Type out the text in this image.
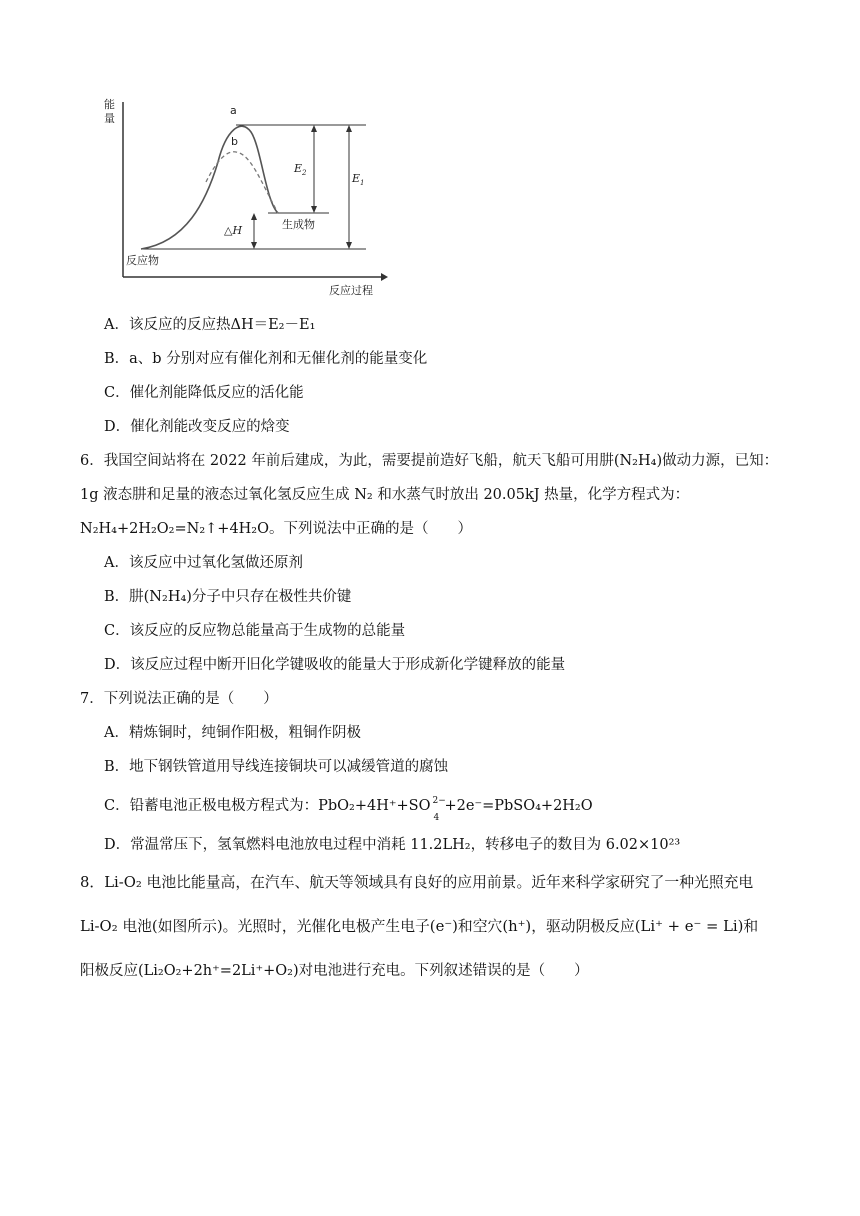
能
量
反应过程
反应物
生成物
a
b
$E_2$	$E_1$
△H
A．该反应的反应热ΔH＝E₂－E₁
B．a、b 分别对应有催化剂和无催化剂的能量变化
C．催化剂能降低反应的活化能
D．催化剂能改变反应的焓变
6．我国空间站将在 2022 年前后建成，为此，需要提前造好飞船，航天飞船可用肼(N₂H₄)做动力源，已知：
1g 液态肼和足量的液态过氧化氢反应生成 N₂ 和水蒸气时放出 20.05kJ 热量，化学方程式为：
N₂H₄+2H₂O₂=N₂↑+4H₂O。下列说法中正确的是（　　）
A．该反应中过氧化氢做还原剂
B．肼(N₂H₄)分子中只存在极性共价键
C．该反应的反应物总能量高于生成物的总能量
D．该反应过程中断开旧化学键吸收的能量大于形成新化学键释放的能量
7．下列说法正确的是（　　）
A．精炼铜时，纯铜作阳极，粗铜作阴极
B．地下钢铁管道用导线连接铜块可以减缓管道的腐蚀
C．铅蓄电池正极电极方程式为：PbO₂+4H⁺+SO 2−
4
+2e⁻=PbSO₄+2H₂O
D．常温常压下，氢氧燃料电池放电过程中消耗 11.2LH₂，转移电子的数目为 6.02×10²³
8．Li-O₂ 电池比能量高，在汽车、航天等领域具有良好的应用前景。近年来科学家研究了一种光照充电
Li-O₂ 电池(如图所示)。光照时，光催化电极产生电子(e⁻)和空穴(h⁺)，驱动阴极反应(Li⁺ + e⁻ = Li)和
阳极反应(Li₂O₂+2h⁺=2Li⁺+O₂)对电池进行充电。下列叙述错误的是（　　）
